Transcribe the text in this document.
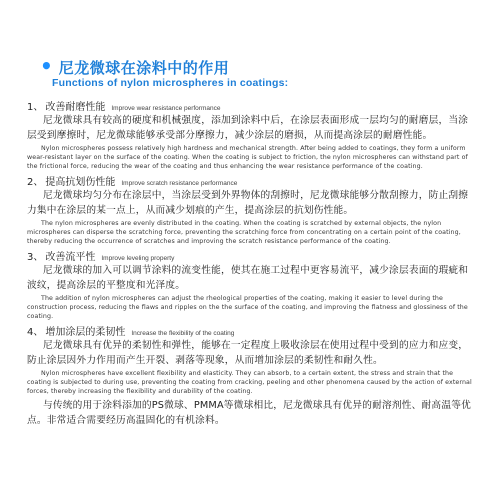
• 尼龙微球在涂料中的作用
Functions of nylon microspheres in coatings:
1、 改善耐磨性能 Improve wear resistance performance

尼龙微球具有较高的硬度和机械强度，添加到涂料中后，在涂层表面形成一层均匀的耐磨层，当涂层受到摩擦时，尼龙微球能够承受部分摩擦力，减少涂层的磨损，从而提高涂层的耐磨性能。

Nylon microspheres possess relatively high hardness and mechanical strength. After being added to coatings, they form a uniform wear-resistant layer on the surface of the coating. When the coating is subject to friction, the nylon microspheres can withstand part of the frictional force, reducing the wear of the coating and thus enhancing the wear resistance performance of the coating.

2、 提高抗划伤性能 Improve scratch resistance performance

尼龙微球均匀分布在涂层中，当涂层受到外界物体的刮擦时，尼龙微球能够分散刮擦力，防止刮擦力集中在涂层的某一点上，从而减少划痕的产生，提高涂层的抗划伤性能。

The nylon microspheres are evenly distributed in the coating. When the coating is scratched by external objects, the nylon microspheres can disperse the scratching force, preventing the scratching force from concentrating on a certain point of the coating, thereby reducing the occurrence of scratches and improving the scratch resistance performance of the coating.

3、 改善流平性 Improve leveling property

尼龙微球的加入可以调节涂料的流变性能，使其在施工过程中更容易流平，减少涂层表面的瑕疵和波纹，提高涂层的平整度和光泽度。

The addition of nylon microspheres can adjust the rheological properties of the coating, making it easier to level during the construction process, reducing the flaws and ripples on the the surface of the coating, and improving the flatness and glossiness of the coating.

4、 增加涂层的柔韧性 Increase the flexibility of the coating

尼龙微球具有优异的柔韧性和弹性，能够在一定程度上吸收涂层在使用过程中受到的应力和应变，防止涂层因外力作用而产生开裂、剥落等现象，从而增加涂层的柔韧性和耐久性。

Nylon microspheres have excellent flexibility and elasticity. They can absorb, to a certain extent, the stress and strain that the coating is subjected to during use, preventing the coating from cracking, peeling and other phenomena caused by the action of external forces, thereby increasing the flexibility and durability of the coating.

与传统的用于涂料添加的PS微球、PMMA等微球相比，尼龙微球具有优异的耐溶剂性、耐高温等优点。非常适合需要经历高温固化的有机涂料。
